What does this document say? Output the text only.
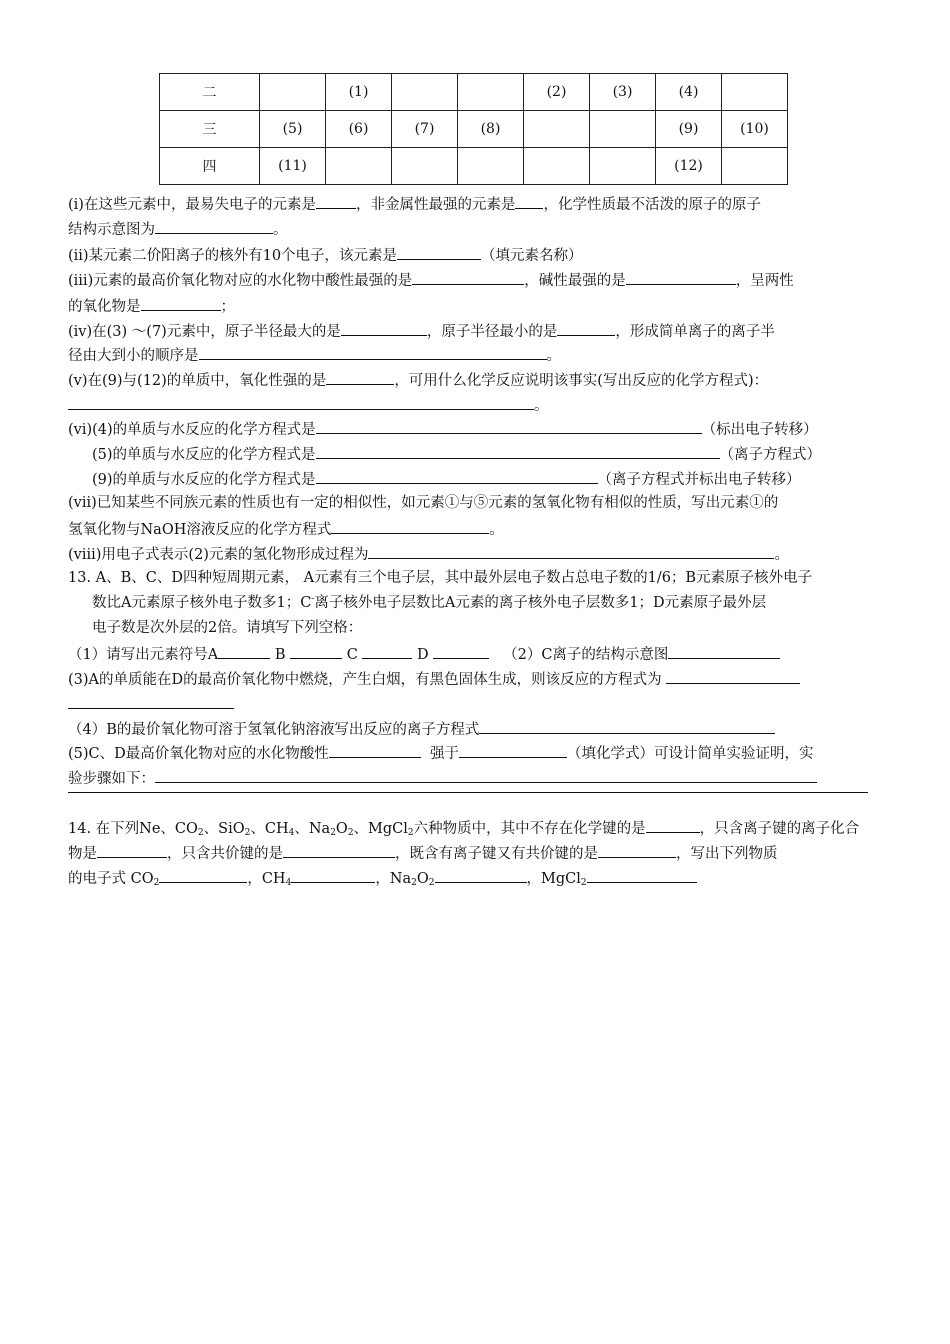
二		(1)			(2)	(3)	(4)	
三	(5)	(6)	(7)	(8)			(9)	(10)
四	(11)						(12)	
(ⅰ)在这些元素中，最易失电子的元素是	，非金属性最强的元素是 ，化学性质最不活泼的原子的原子
结构示意图为	。
(ⅱ)某元素二价阳离子的核外有10个电子，该元素是	（填元素名称）
(ⅲ)元素的最高价氧化物对应的水化物中酸性最强的是	，碱性最强的是	，呈两性
的氧化物是	；
(ⅳ)在(3) ～(7)元素中，原子半径最大的是	，原子半径最小的是	，形成简单离子的离子半
径由大到小的顺序是	。
(ⅴ)在(9)与(12)的单质中，氧化性强的是	，可用什么化学反应说明该事实(写出反应的化学方程式)：
。
(ⅵ)(4)的单质与水反应的化学方程式是	（标出电子转移）
(5)的单质与水反应的化学方程式是	（离子方程式）
(9)的单质与水反应的化学方程式是	（离子方程式并标出电子转移）
(ⅶ)已知某些不同族元素的性质也有一定的相似性，如元素①与⑤元素的氢氧化物有相似的性质，写出元素①的
氢氧化物与NaOH溶液反应的化学方程式	。
(ⅷ)用电子式表示(2)元素的氢化物形成过程为	。
13. A、B、C、D四种短周期元素， A元素有三个电子层，其中最外层电子数占总电子数的1/6；B元素原子核外电子
数比A元素原子核外电子数多1；C-离子核外电子层数比A元素的离子核外电子层数多1；D元素原子最外层
电子数是次外层的2倍。请填写下列空格：
（1）请写出元素符号A	B	C	D	（2）C离子的结构示意图
(3)A的单质能在D的最高价氧化物中燃烧，产生白烟，有黑色固体生成，则该反应的方程式为
（4）B的最价氧化物可溶于氢氧化钠溶液写出反应的离子方程式
(5)C、D最高价氧化物对应的水化物酸性	强于	（填化学式）可设计简单实验证明，实
验步骤如下：
14. 在下列Ne、$CO_2$、SiO$_2$、$CH_4$、$Na_2O_2$、MgCl$_2$六种物质中，其中不存在化学键的是	，只含离子键的离子化合
物是	，只含共价键的是	，既含有离子键又有共价键的是	，写出下列物质
的电子式 $CO_2$	，$CH_4$	，$Na_2O_2$	，MgCl$_2$
